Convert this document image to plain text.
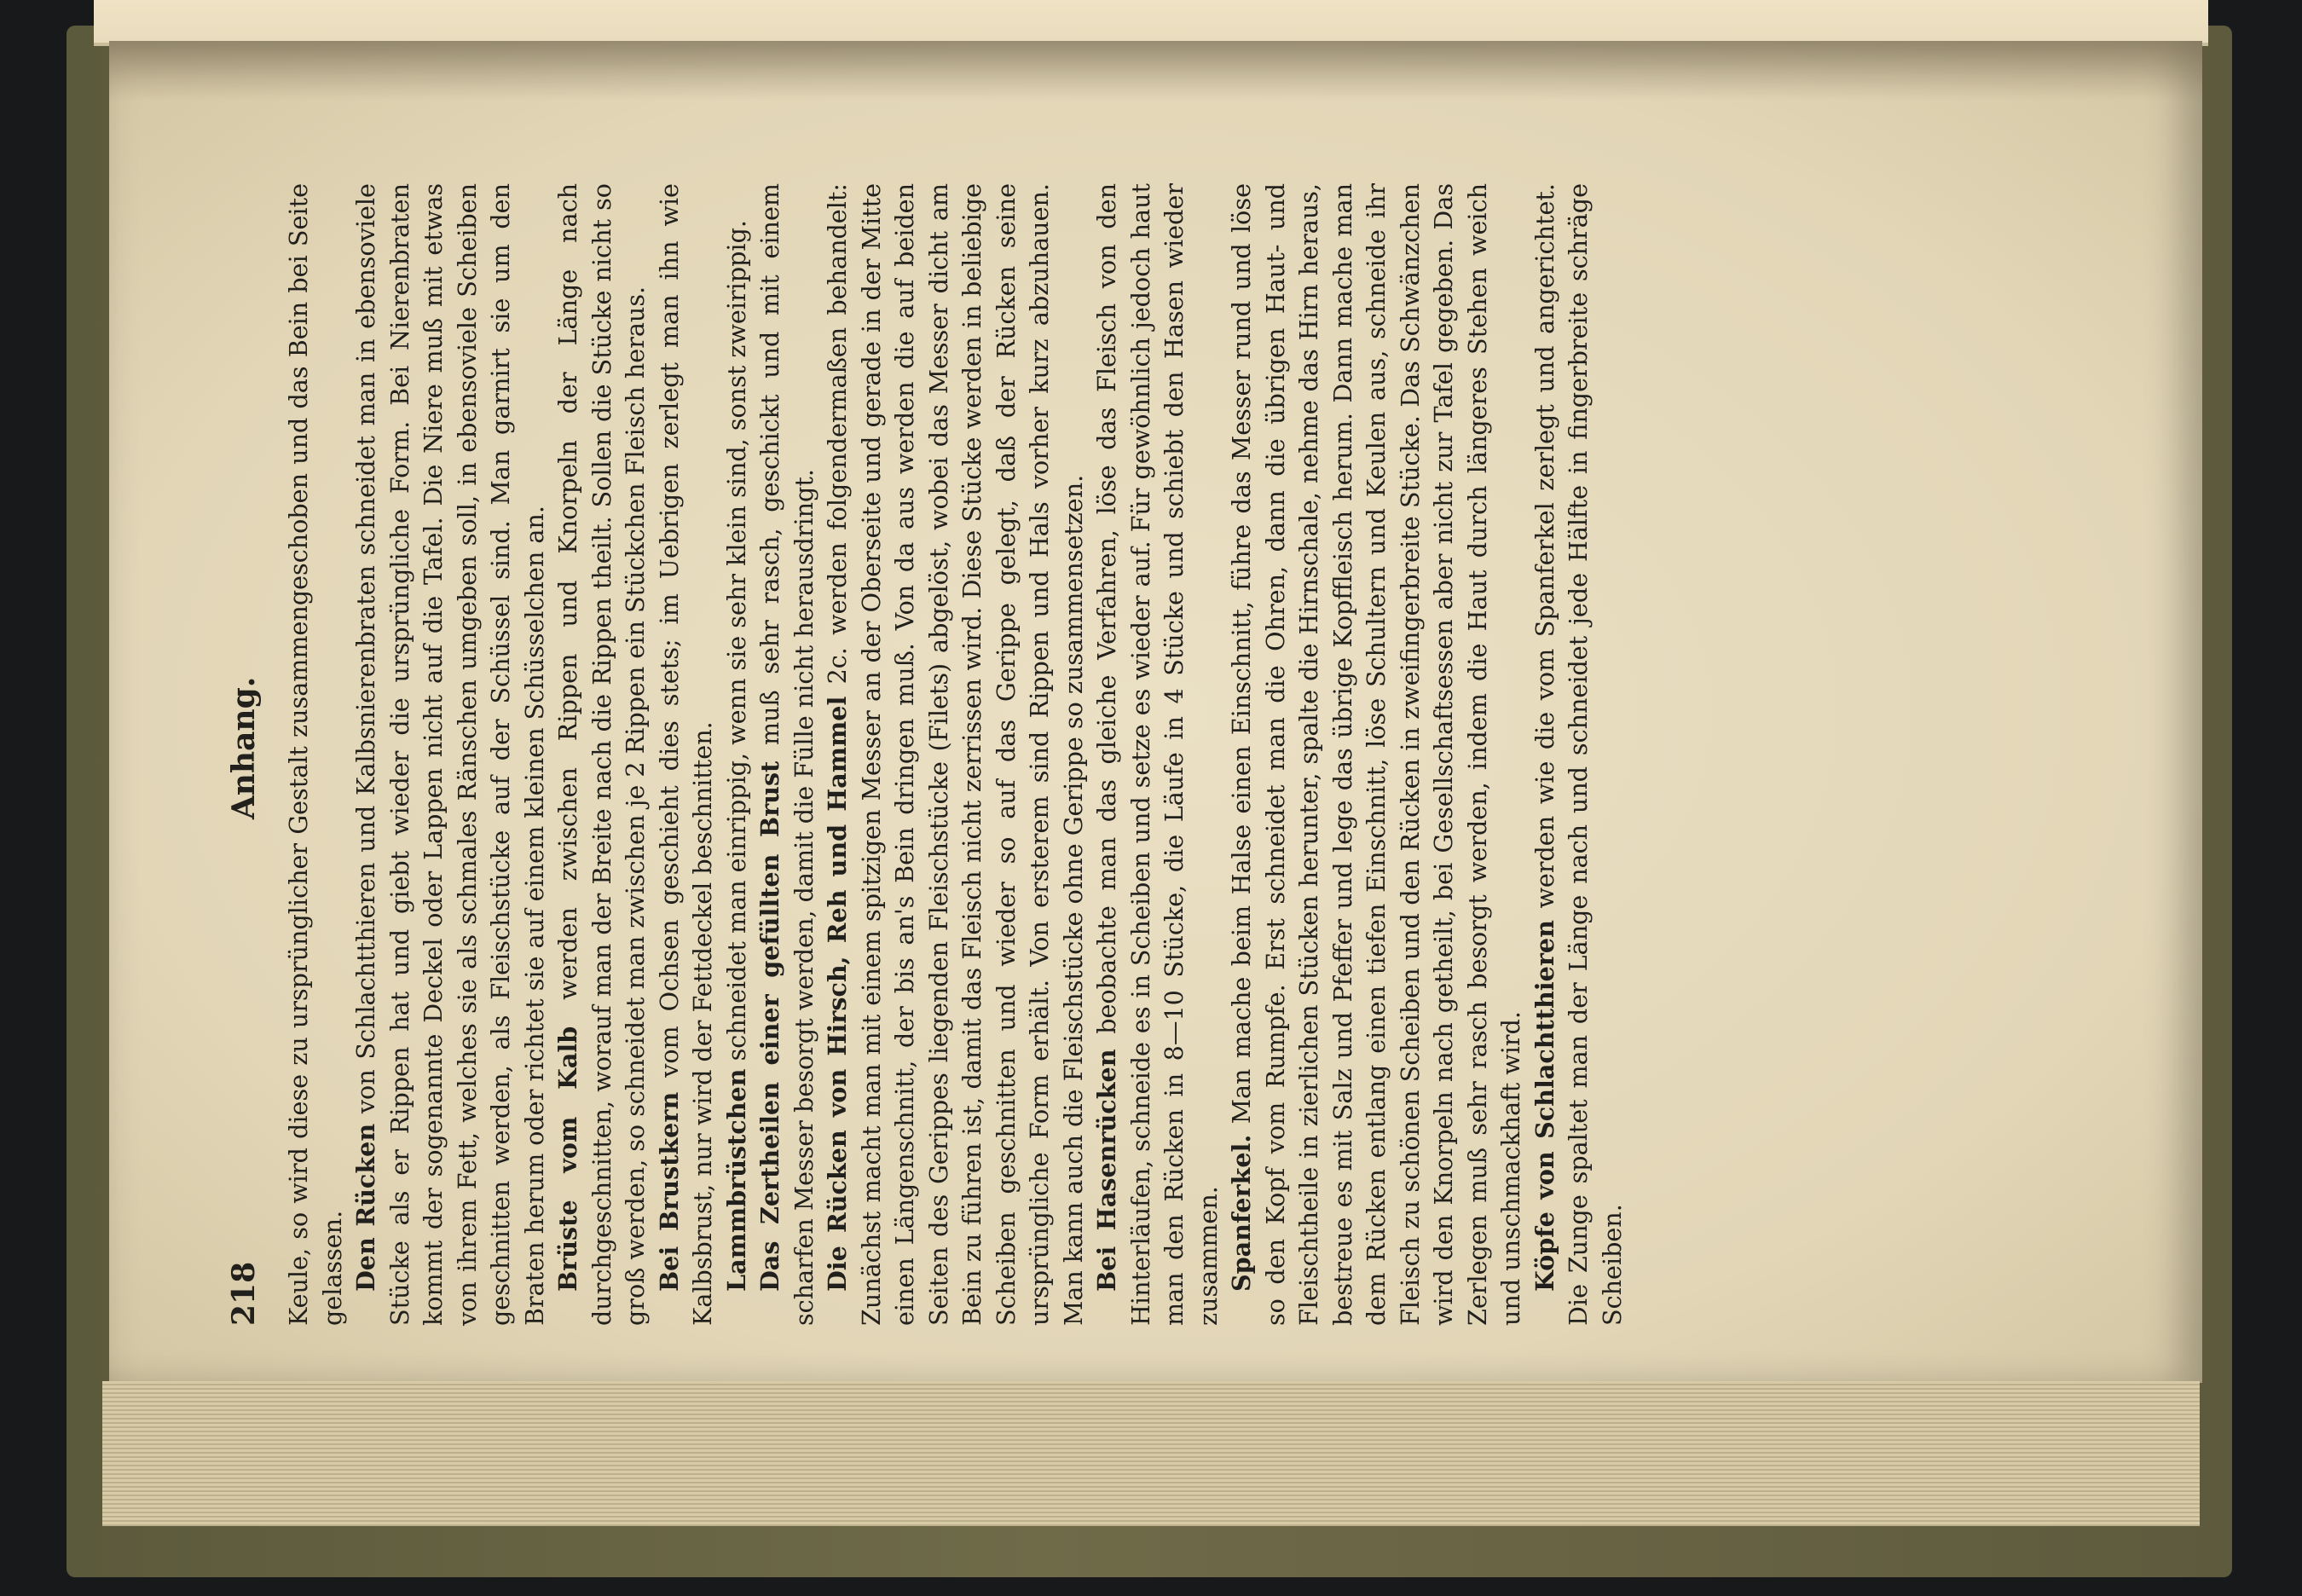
218
Anhang. Keule, so wird diese zu ursprünglicher Gestalt zusammengeschoben und das Bein bei Seite gelassen. Den Rücken von Schlachtthieren und Kalbsnierenbraten schneidet man in ebensoviele Stücke als er Rippen hat und giebt wieder die ursprüngliche Form. Bei Nierenbraten kommt der sogenannte Deckel oder Lappen nicht auf die Tafel. Die Niere muß mit etwas von ihrem Fett, welches sie als schmales Ränschen umgeben soll, in ebensoviele Scheiben geschnitten werden, als Fleischstücke auf der Schüssel sind. Man garnirt sie um den Braten herum oder richtet sie auf einem kleinen Schüsselchen an. Brüste vom Kalb werden zwischen Rippen und Knorpeln der Länge nach durchgeschnitten, worauf man der Breite nach die Rippen theilt. Sollen die Stücke nicht so groß werden, so schneidet man zwischen je 2 Rippen ein Stückchen Fleisch heraus. Bei Brustkern vom Ochsen geschieht dies stets; im Uebrigen zerlegt man ihn wie Kalbsbrust, nur wird der Fettdeckel beschnitten. Lammbrüstchen schneidet man einrippig, wenn sie sehr klein sind, sonst zweirippig. Das Zertheilen einer gefüllten Brust muß sehr rasch, geschickt und mit einem scharfen Messer besorgt werden, damit die Fülle nicht herausdringt. Die Rücken von Hirsch, Reh und Hammel 2c. werden folgendermaßen behandelt: Zunächst macht man mit einem spitzigen Messer an der Oberseite und gerade in der Mitte einen Längenschnitt, der bis an's Bein dringen muß. Von da aus werden die auf beiden Seiten des Gerippes liegenden Fleischstücke (Filets) abgelöst, wobei das Messer dicht am Bein zu führen ist, damit das Fleisch nicht zerrissen wird. Diese Stücke werden in beliebige Scheiben geschnitten und wieder so auf das Gerippe gelegt, daß der Rücken seine ursprüngliche Form erhält. Von ersterem sind Rippen und Hals vorher kurz abzuhauen. Man kann auch die Fleischstücke ohne Gerippe so zusammensetzen. Bei Hasenrücken beobachte man das gleiche Verfahren, löse das Fleisch von den Hinterläufen, schneide es in Scheiben und setze es wieder auf. Für gewöhnlich jedoch haut man den Rücken in 8—10 Stücke, die Läufe in 4 Stücke und schiebt den Hasen wieder zusammen. Spanferkel. Man mache beim Halse einen Einschnitt, führe das Messer rund und löse so den Kopf vom Rumpfe. Erst schneidet man die Ohren, dann die übrigen Haut- und Fleischtheile in zierlichen Stücken herunter, spalte die Hirnschale, nehme das Hirn heraus, bestreue es mit Salz und Pfeffer und lege das übrige Kopffleisch herum. Dann mache man dem Rücken entlang einen tiefen Einschnitt, löse Schultern und Keulen aus, schneide ihr Fleisch zu schönen Scheiben und den Rücken in zweifingerbreite Stücke. Das Schwänzchen wird den Knorpeln nach getheilt, bei Gesellschaftsessen aber nicht zur Tafel gegeben. Das Zerlegen muß sehr rasch besorgt werden, indem die Haut durch längeres Stehen weich und unschmackhaft wird. Köpfe von Schlachtthieren werden wie die vom Spanferkel zerlegt und angerichtet. Die Zunge spaltet man der Länge nach und schneidet jede Hälfte in fingerbreite schräge Scheiben.
